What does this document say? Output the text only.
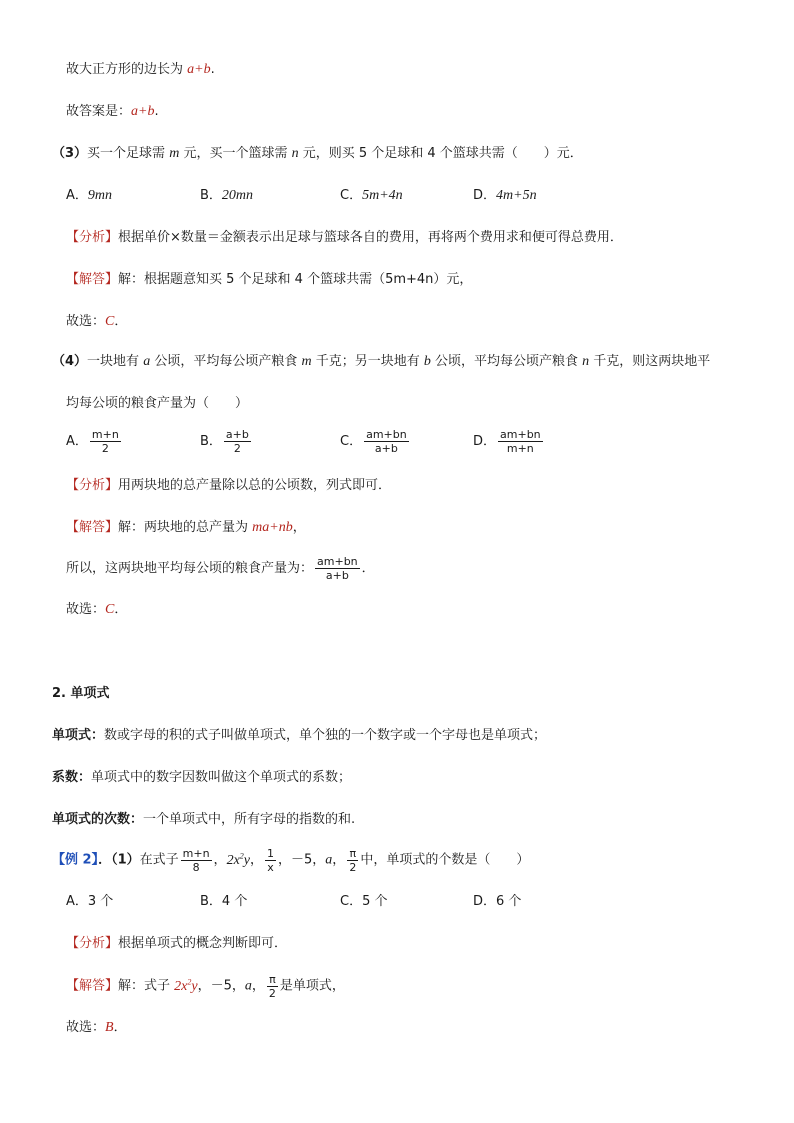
故大正方形的边长为 a+b.
故答案是：a+b.
（3）买一个足球需 m 元，买一个篮球需 n 元，则买 5 个足球和 4 个篮球共需（　　）元．
A．9mn	B．20mn	C．5m+4n	D．4m+5n
【分析】根据单价×数量＝金额表示出足球与篮球各自的费用，再将两个费用求和便可得总费用．
【解答】解：根据题意知买 5 个足球和 4 个篮球共需（5m+4n）元，
故选：C．
（4）一块地有 a 公顷，平均每公顷产粮食 m 千克；另一块地有 b 公顷，平均每公顷产粮食 n 千克，则这两块地平
均每公顷的粮食产量为（　　）
A． $\frac{m+n}{2}$	B． $\frac{a+b}{2}$	C． $\frac{am+bn}{a+b}$	D． $\frac{am+bn}{m+n}$
【分析】用两块地的总产量除以总的公顷数，列式即可．
【解答】解：两块地的总产量为 ma+nb，
所以，这两块地平均每公顷的粮食产量为： $\frac{am+bn}{a+b}$ ．
故选：C．
2. 单项式
单项式：数或字母的积的式子叫做单项式，单个独的一个数字或一个字母也是单项式；
系数：单项式中的数字因数叫做这个单项式的系数；
单项式的次数：一个单项式中，所有字母的指数的和.
【例 2】．（1）在式子 $\frac{m+n}{8}$ ，$2x^2y$， $\frac{1}{x}$ ，－5，a， $\frac{\pi}{2}$ 中，单项式的个数是（　　）
A．3 个	B．4 个	C．5 个	D．6 个
【分析】根据单项式的概念判断即可．
【解答】解：式子 $2x^2y$，－5，a， $\frac{\pi}{2}$ 是单项式，
故选：B．
